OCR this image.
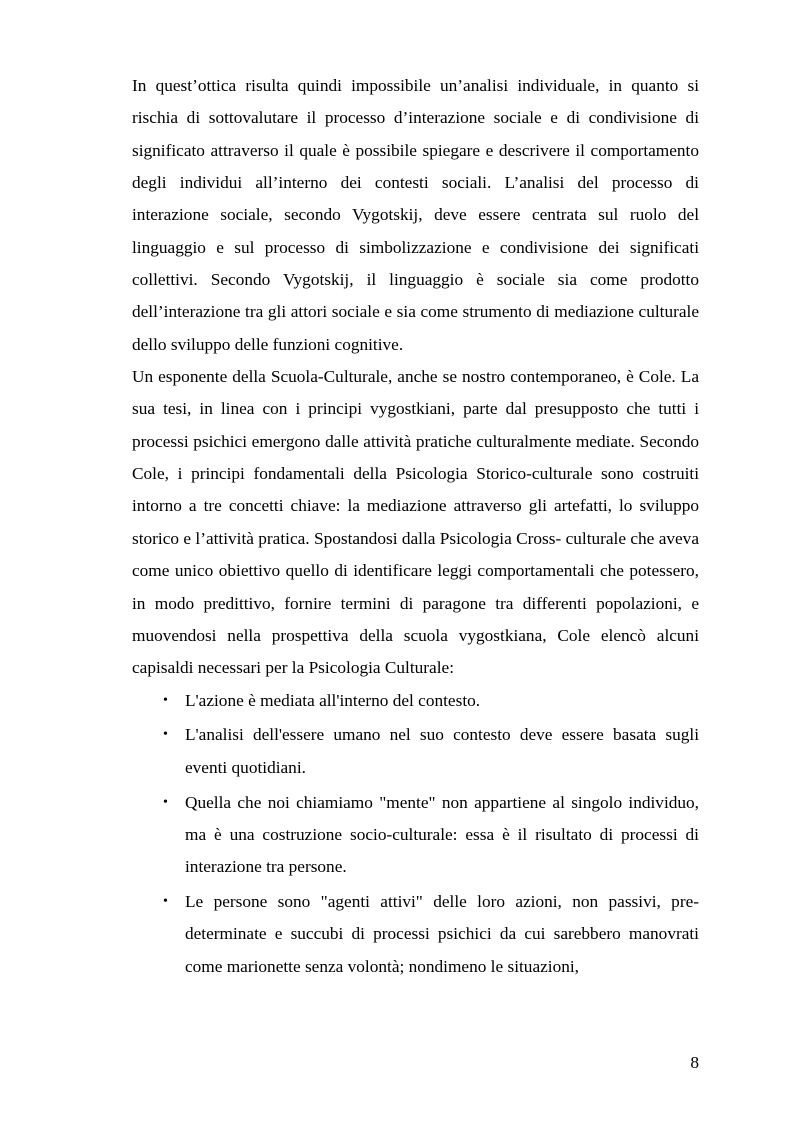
In quest’ottica risulta quindi impossibile un’analisi individuale, in quanto si rischia di sottovalutare il processo d’interazione sociale e di condivisione di significato attraverso il quale è possibile spiegare e descrivere il comportamento degli individui all’interno dei contesti sociali. L’analisi del processo di interazione sociale, secondo Vygotskij, deve essere centrata sul ruolo del linguaggio e sul processo di simbolizzazione e condivisione dei significati collettivi. Secondo Vygotskij, il linguaggio è sociale sia come prodotto dell’interazione tra gli attori sociale e sia come strumento di mediazione culturale dello sviluppo delle funzioni cognitive.

Un esponente della Scuola-Culturale, anche se nostro contemporaneo, è Cole. La sua tesi, in linea con i principi vygostkiani, parte dal presupposto che tutti i processi psichici emergono dalle attività pratiche culturalmente mediate. Secondo Cole, i principi fondamentali della Psicologia Storico-culturale sono costruiti intorno a tre concetti chiave: la mediazione attraverso gli artefatti, lo sviluppo storico e l’attività pratica. Spostandosi dalla Psicologia Cross- culturale che aveva come unico obiettivo quello di identificare leggi comportamentali che potessero, in modo predittivo, fornire termini di paragone tra differenti popolazioni, e muovendosi nella prospettiva della scuola vygostkiana, Cole elencò alcuni capisaldi necessari per la Psicologia Culturale:

• L'azione è mediata all'interno del contesto.
• L'analisi dell'essere umano nel suo contesto deve essere basata sugli eventi quotidiani.
• Quella che noi chiamiamo "mente" non appartiene al singolo individuo, ma è una costruzione socio-culturale: essa è il risultato di processi di interazione tra persone.
• Le persone sono "agenti attivi" delle loro azioni, non passivi, pre-determinate e succubi di processi psichici da cui sarebbero manovrati come marionette senza volontà; nondimeno le situazioni,
8
